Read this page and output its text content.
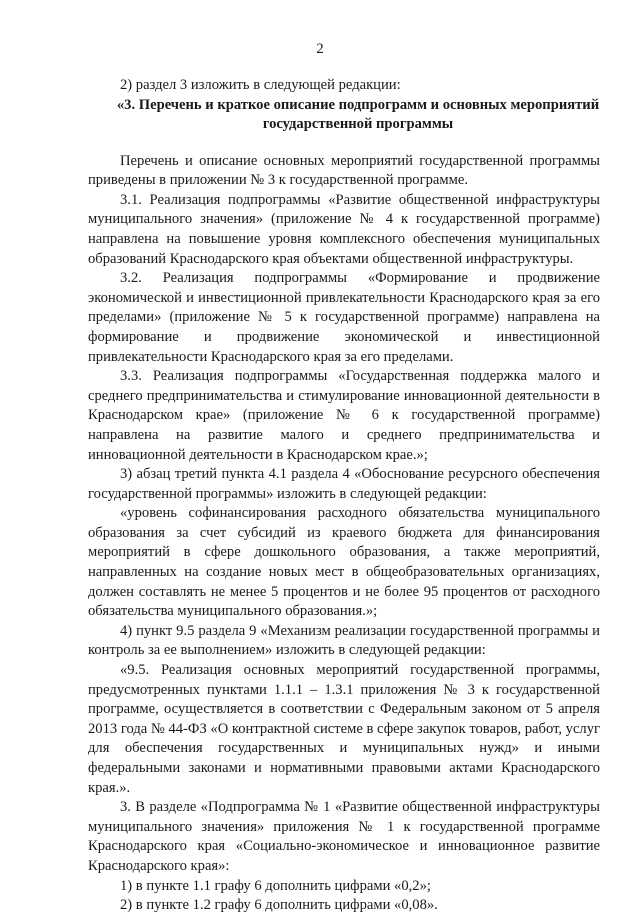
2

2) раздел 3 изложить в следующей редакции:

«3. Перечень и краткое описание подпрограмм и основных мероприятий государственной программы

Перечень и описание основных мероприятий государственной программы приведены в приложении № 3 к государственной программе.

3.1. Реализация подпрограммы «Развитие общественной инфраструктуры муниципального значения» (приложение № 4 к государственной программе) направлена на повышение уровня комплексного обеспечения муниципальных образований Краснодарского края объектами общественной инфраструктуры.

3.2. Реализация подпрограммы «Формирование и продвижение экономической и инвестиционной привлекательности Краснодарского края за его пределами» (приложение № 5 к государственной программе) направлена на формирование и продвижение экономической и инвестиционной привлекательности Краснодарского края за его пределами.

3.3. Реализация подпрограммы «Государственная поддержка малого и среднего предпринимательства и стимулирование инновационной деятельности в Краснодарском крае» (приложение № 6 к государственной программе) направлена на развитие малого и среднего предпринимательства и инновационной деятельности в Краснодарском крае.»;

3) абзац третий пункта 4.1 раздела 4 «Обоснование ресурсного обеспечения государственной программы» изложить в следующей редакции:

«уровень софинансирования расходного обязательства муниципального образования за счет субсидий из краевого бюджета для финансирования мероприятий в сфере дошкольного образования, а также мероприятий, направленных на создание новых мест в общеобразовательных организациях, должен составлять не менее 5 процентов и не более 95 процентов от расходного обязательства муниципального образования.»;

4) пункт 9.5 раздела 9 «Механизм реализации государственной программы и контроль за ее выполнением» изложить в следующей редакции:

«9.5. Реализация основных мероприятий государственной программы, предусмотренных пунктами 1.1.1 – 1.3.1 приложения № 3 к государственной программе, осуществляется в соответствии с Федеральным законом от 5 апреля 2013 года № 44-ФЗ «О контрактной системе в сфере закупок товаров, работ, услуг для обеспечения государственных и муниципальных нужд» и иными федеральными законами и нормативными правовыми актами Краснодарского края.».

3. В разделе «Подпрограмма № 1 «Развитие общественной инфраструктуры муниципального значения» приложения № 1 к государственной программе Краснодарского края «Социально-экономическое и инновационное развитие Краснодарского края»:

1) в пункте 1.1 графу 6 дополнить цифрами «0,2»;

2) в пункте 1.2 графу 6 дополнить цифрами «0,08».
